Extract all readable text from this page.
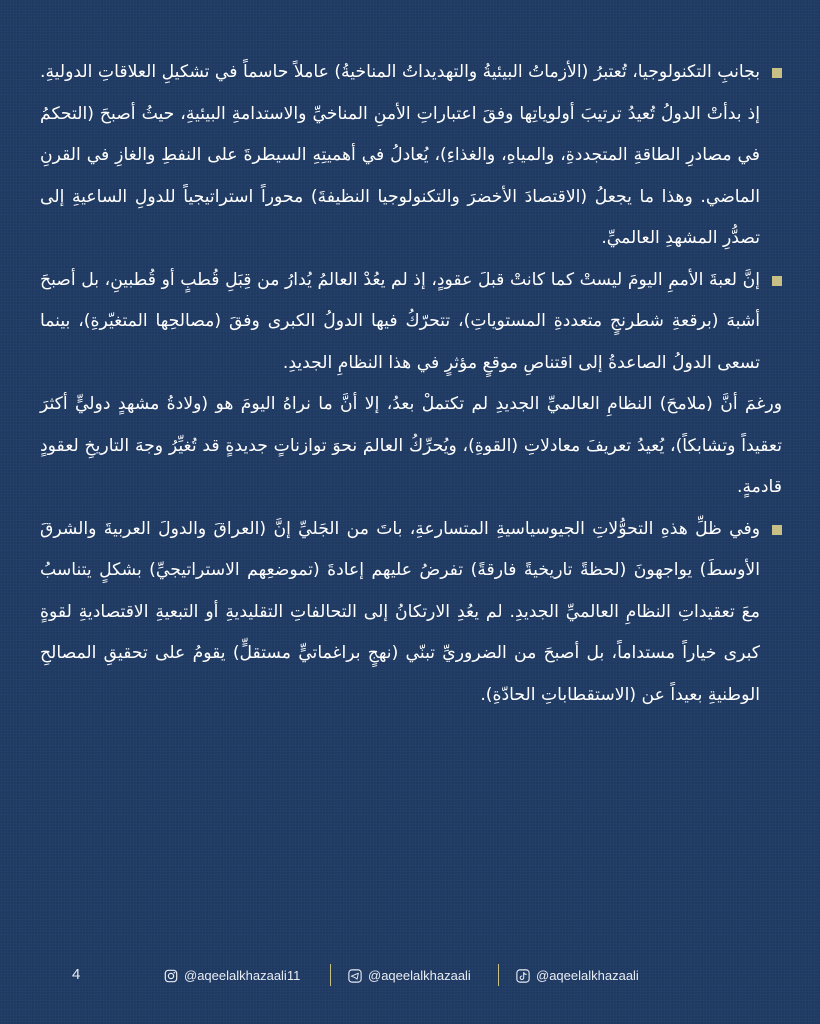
بجانبِ التكنولوجيا، تُعتبرُ (الأزماتُ البيئيةُ والتهديداتُ المناخيةُ) عاملاً حاسماً في تشكيلِ العلاقاتِ الدوليةِ. إذ بدأتْ الدولُ تُعيدُ ترتيبَ أولوياتِها وفقَ اعتباراتِ الأمنِ المناخيِّ والاستدامةِ البيئيةِ، حيثُ أصبحَ (التحكمُ في مصادرِ الطاقةِ المتجددةِ، والمياهِ، والغذاءِ)، يُعادلُ في أهميتِهِ السيطرةَ على النفطِ والغازِ في القرنِ الماضي. وهذا ما يجعلُ (الاقتصادَ الأخضرَ والتكنولوجيا النظيفةَ) محوراً استراتيجياً للدولِ الساعيةِ إلى تصدُّرِ المشهدِ العالميِّ.

إنَّ لعبةَ الأممِ اليومَ ليستْ كما كانتْ قبلَ عقودٍ، إذ لم يعُدْ العالمُ يُدارُ من قِبَلِ قُطبٍ أو قُطبينِ، بل أصبحَ أشبهَ (برقعةِ شطرنجٍ متعددةِ المستوياتِ)، تتحرّكُ فيها الدولُ الكبرى وفقَ (مصالحِها المتغيّرةِ)، بينما تسعى الدولُ الصاعدةُ إلى اقتناصِ موقعٍ مؤثرٍ في هذا النظامِ الجديدِ.

ورغمَ أنَّ (ملامحَ) النظامِ العالميِّ الجديدِ لم تكتملْ بعدُ، إلا أنَّ ما نراهُ اليومَ هو (ولادةُ مشهدٍ دوليٍّ أكثرَ تعقيداً وتشابكاً)، يُعيدُ تعريفَ معادلاتِ (القوةِ)، ويُحرِّكُ العالمَ نحوَ توازناتٍ جديدةٍ قد تُغيِّرُ وجهَ التاريخِ لعقودٍ قادمةٍ.

وفي ظلِّ هذهِ التحوُّلاتِ الجيوسياسيةِ المتسارعةِ، باتَ من الجَليِّ إنَّ (العراقَ والدولَ العربيةَ والشرقَ الأوسطَ) يواجهونَ (لحظةً تاريخيةً فارقةً) تفرضُ عليهم إعادةَ (تموضعِهم الاستراتيجيِّ) بشكلٍ يتناسبُ معَ تعقيداتِ النظامِ العالميِّ الجديدِ. لم يعُدِ الارتكانُ إلى التحالفاتِ التقليديةِ أو التبعيةِ الاقتصاديةِ لقوةٍ كبرى خياراً مستداماً، بل أصبحَ من الضروريِّ تبنّي (نهجٍ براغماتيٍّ مستقلٍّ) يقومُ على تحقيقِ المصالحِ الوطنيةِ بعيداً عن (الاستقطاباتِ الحادّةِ).

4	@aqeelalkhazaali11	@aqeelalkhazaali	@aqeelalkhazaali
